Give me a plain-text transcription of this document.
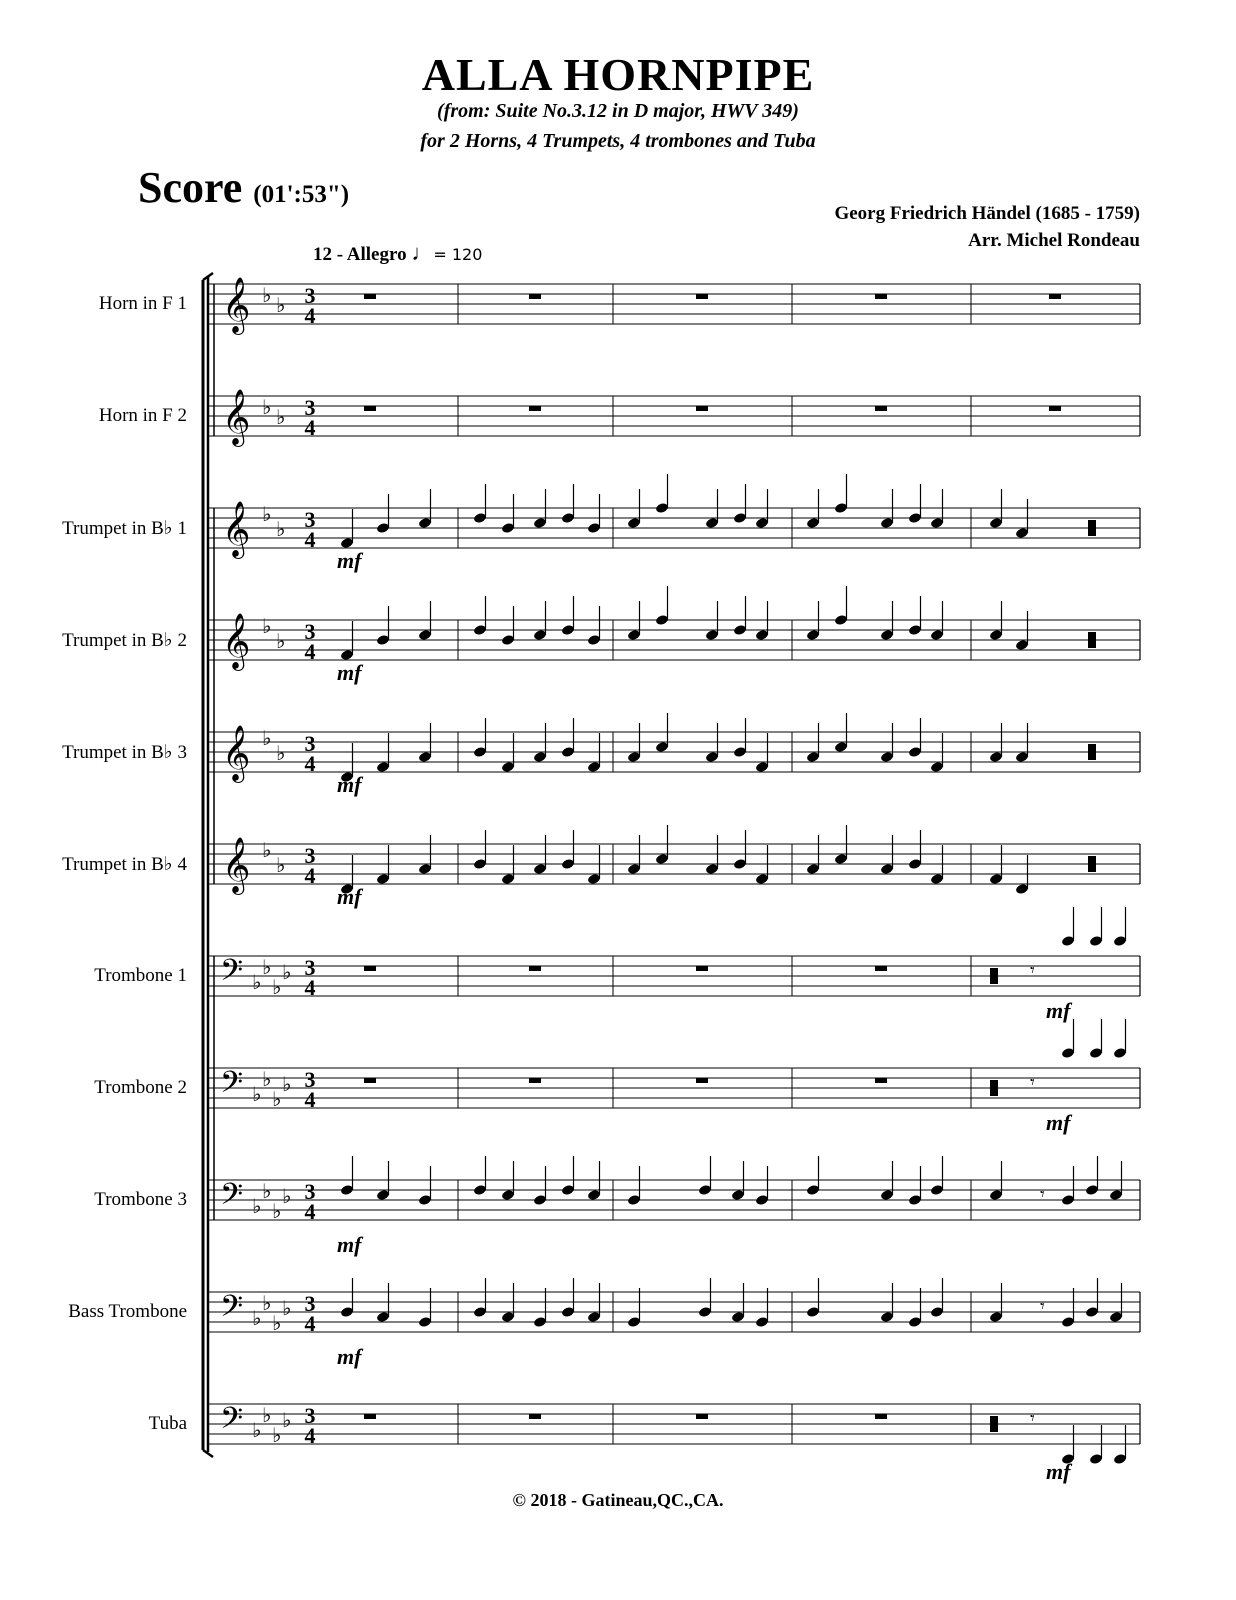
ALLA HORNPIPE
(from: Suite No.3.12 in D major, HWV 349)
for 2 Horns, 4 Trumpets, 4 trombones and Tuba
Score (01':53")
Georg Friedrich Händel (1685 - 1759)
Arr. Michel Rondeau
12 - Allegro ♩= 120
Horn in F 1
Horn in F 2
Trumpet in B♭ 1
Trumpet in B♭ 2
Trumpet in B♭ 3
Trumpet in B♭ 4
Trombone 1
Trombone 2
Trombone 3
Bass Trombone
Tuba
© 2018 - Gatineau,QC.,CA.
𝄞 ♭ ♭ 3
4
𝄞 ♭ ♭ 3
4
𝄞 ♭
♭ 3
4
𝄞 ♭
♭ 3
4
𝄞 ♭
♭ 3
4
𝄞 ♭
♭ 3
4
𝄢 ♭
♭
♭
♭ 3
4
𝄢 ♭
♭
♭
♭ 3
4
𝄢 ♭
♭
♭
♭ 3
4
𝄢 ♭
♭
♭
♭ 3
4
𝄢 ♭
♭
♭
♭ 3
4
mf
mf
mf
mf
𝄾
mf
𝄾
mf
𝄾
mf
𝄾
mf
𝄾
mf
